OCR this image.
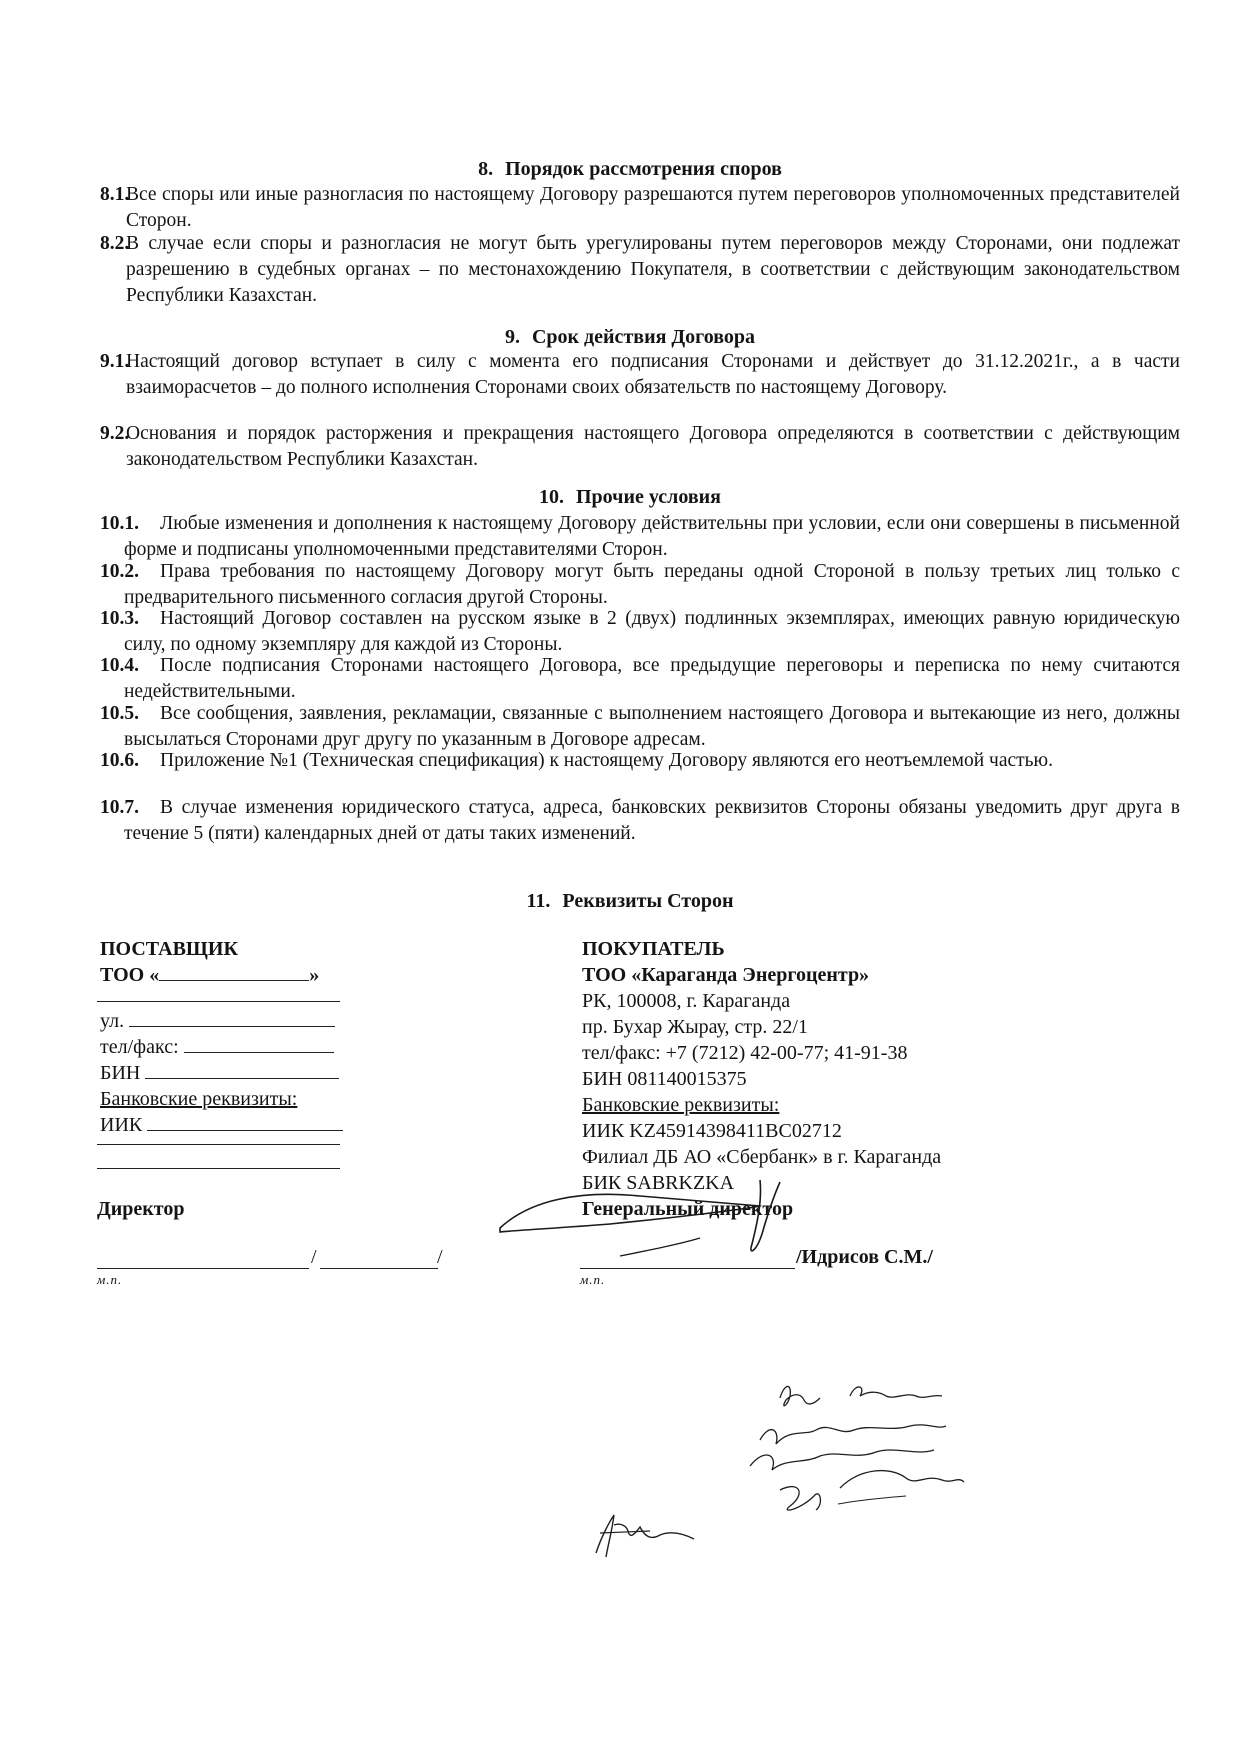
8. Порядок рассмотрения споров
8.1.
Все споры или иные разногласия по настоящему Договору разрешаются путем переговоров уполномоченных представителей Сторон.
8.2.
В случае если споры и разногласия не могут быть урегулированы путем переговоров между Сторонами, они подлежат разрешению в судебных органах – по местонахождению Покупателя, в соответствии с действующим законодательством Республики Казахстан.
9. Срок действия Договора
9.1.
Настоящий договор вступает в силу с момента его подписания Сторонами и действует до 31.12.2021г., а в части взаиморасчетов – до полного исполнения Сторонами своих обязательств по настоящему Договору.
9.2.
Основания и порядок расторжения и прекращения настоящего Договора определяются в соответствии с действующим законодательством Республики Казахстан.
10. Прочие условия
10.1.	Любые изменения и дополнения к настоящему Договору действительны при условии, если они совершены в письменной форме и подписаны уполномоченными представителями Сторон.
10.2.	Права требования по настоящему Договору могут быть переданы одной Стороной в пользу третьих лиц только с предварительного письменного согласия другой Стороны.
10.3.	Настоящий Договор составлен на русском языке в 2 (двух) подлинных экземплярах, имеющих равную юридическую силу, по одному экземпляру для каждой из Стороны.
10.4.	После подписания Сторонами настоящего Договора, все предыдущие переговоры и переписка по нему считаются недействительными.
10.5.	Все сообщения, заявления, рекламации, связанные с выполнением настоящего Договора и вытекающие из него, должны высылаться Сторонами друг другу по указанным в Договоре адресам.
10.6.	Приложение №1 (Техническая спецификация) к настоящему Договору являются его неотъемлемой частью.
10.7.	В случае изменения юридического статуса, адреса, банковских реквизитов Стороны обязаны уведомить друг друга в течение 5 (пяти) календарных дней от даты таких изменений.
11. Реквизиты Сторон
ПОСТАВЩИК
ТОО «	»
ул.
тел/факс:
БИН
Банковские реквизиты:
ИИК
Директор
/	/
м.п.
ПОКУПАТЕЛЬ
ТОО «Караганда Энергоцентр»
РК, 100008, г. Караганда
пр. Бухар Жырау, стр. 22/1
тел/факс: +7 (7212) 42-00-77; 41-91-38
БИН 081140015375
Банковские реквизиты:
ИИК KZ45914398411BC02712
Филиал ДБ АО «Сбербанк» в г. Караганда
БИК SABRKZKA
Генеральный директор
/Идрисов С.М./
м.п.
